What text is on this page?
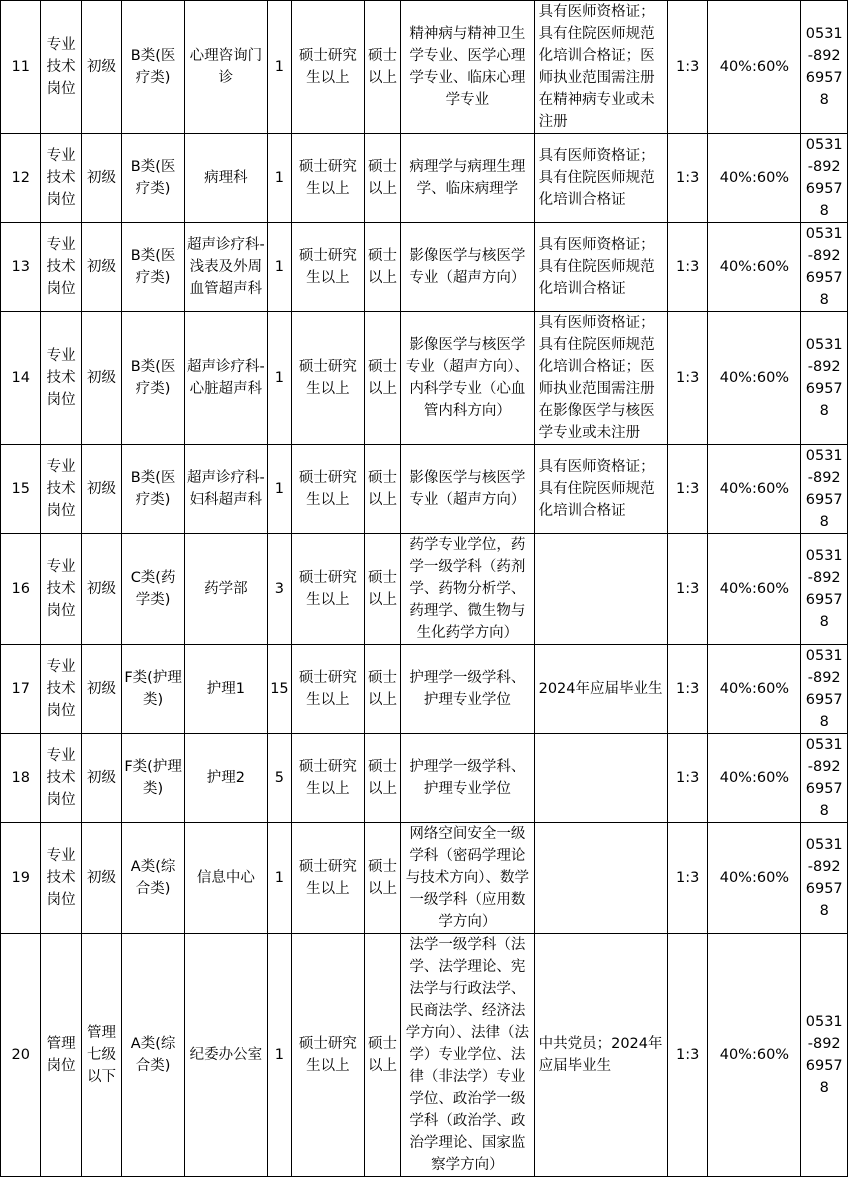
11	专业技术岗位	初级	B类(医疗类)	心理咨询门诊	1	硕士研究生以上	硕士以上	精神病与精神卫生学专业、医学心理学专业、临床心理学专业	具有医师资格证；具有住院医师规范化培训合格证；医师执业范围需注册在精神病专业或未注册	1:3	40%:60%	0531-89269578
12	专业技术岗位	初级	B类(医疗类)	病理科	1	硕士研究生以上	硕士以上	病理学与病理生理学、临床病理学	具有医师资格证；具有住院医师规范化培训合格证	1:3	40%:60%	0531-89269578
13	专业技术岗位	初级	B类(医疗类)	超声诊疗科-浅表及外周血管超声科	1	硕士研究生以上	硕士以上	影像医学与核医学专业（超声方向）	具有医师资格证；具有住院医师规范化培训合格证	1:3	40%:60%	0531-89269578
14	专业技术岗位	初级	B类(医疗类)	超声诊疗科-心脏超声科	1	硕士研究生以上	硕士以上	影像医学与核医学专业（超声方向）、内科学专业（心血管内科方向）	具有医师资格证；具有住院医师规范化培训合格证；医师执业范围需注册在影像医学与核医学专业或未注册	1:3	40%:60%	0531-89269578
15	专业技术岗位	初级	B类(医疗类)	超声诊疗科-妇科超声科	1	硕士研究生以上	硕士以上	影像医学与核医学专业（超声方向）	具有医师资格证；具有住院医师规范化培训合格证	1:3	40%:60%	0531-89269578
16	专业技术岗位	初级	C类(药学类)	药学部	3	硕士研究生以上	硕士以上	药学专业学位，药学一级学科（药剂学、药物分析学、药理学、微生物与生化药学方向）		1:3	40%:60%	0531-89269578
17	专业技术岗位	初级	F类(护理类)	护理1	15	硕士研究生以上	硕士以上	护理学一级学科、护理专业学位	2024年应届毕业生	1:3	40%:60%	0531-89269578
18	专业技术岗位	初级	F类(护理类)	护理2	5	硕士研究生以上	硕士以上	护理学一级学科、护理专业学位		1:3	40%:60%	0531-89269578
19	专业技术岗位	初级	A类(综合类)	信息中心	1	硕士研究生以上	硕士以上	网络空间安全一级学科（密码学理论与技术方向）、数学一级学科（应用数学方向）		1:3	40%:60%	0531-89269578
20	管理岗位	管理七级以下	A类(综合类)	纪委办公室	1	硕士研究生以上	硕士以上	法学一级学科（法学、法学理论、宪法学与行政法学、民商法学、经济法学方向）、法律（法学）专业学位、法律（非法学）专业学位、政治学一级学科（政治学、政治学理论、国家监察学方向）	中共党员；2024年应届毕业生	1:3	40%:60%	0531-89269578
